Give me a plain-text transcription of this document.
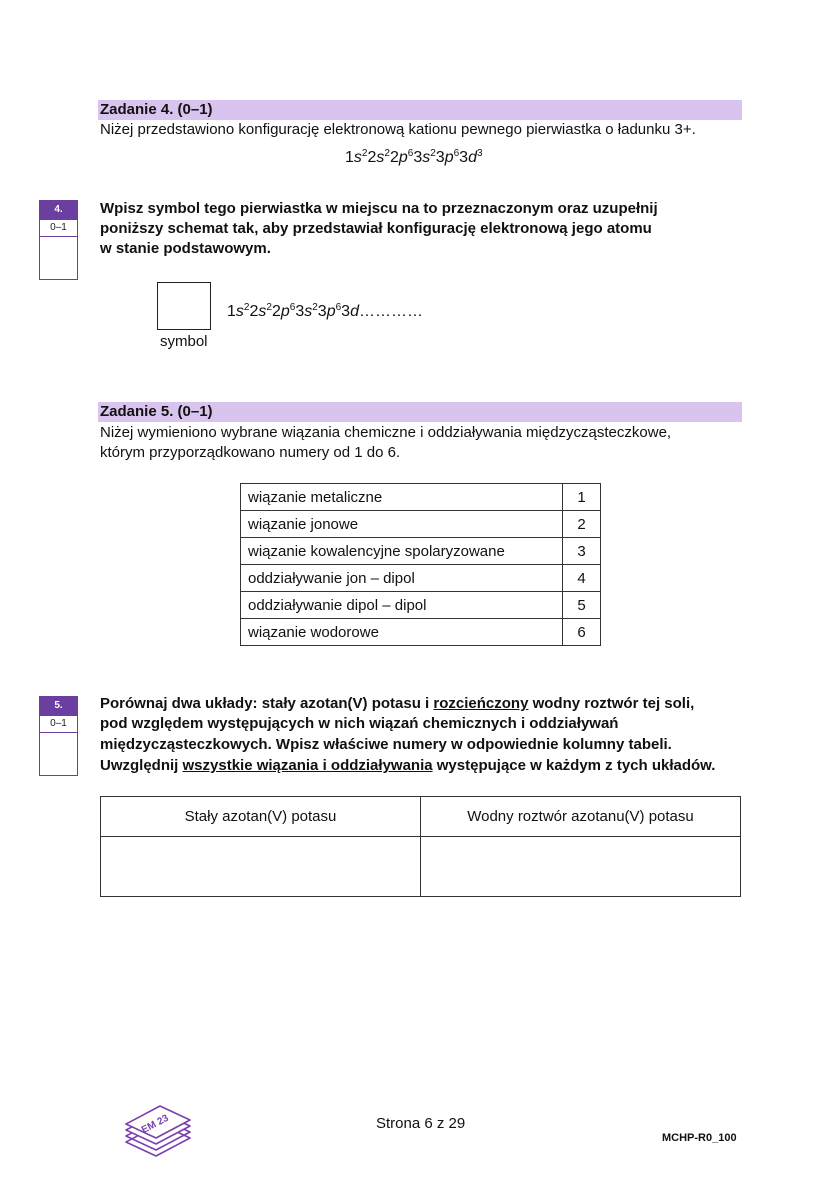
Zadanie 4. (0–1)
Niżej przedstawiono konfigurację elektronową kationu pewnego pierwiastka o ładunku 3+.
$1s^22s^22p^63s^23p^63d^3$
4.
0–1
Wpisz symbol tego pierwiastka w miejscu na to przeznaczonym oraz uzupełnij
poniższy schemat tak, aby przedstawiał konfigurację elektronową jego atomu
w stanie podstawowym.
symbol
$1s^22s^22p^63s^23p^63d\dots\dots\dots\dots$
Zadanie 5. (0–1)
Niżej wymieniono wybrane wiązania chemiczne i oddziaływania międzycząsteczkowe,
którym przyporządkowano numery od 1 do 6.
wiązanie metaliczne	1
wiązanie jonowe	2
wiązanie kowalencyjne spolaryzowane	3
oddziaływanie jon – dipol	4
oddziaływanie dipol – dipol	5
wiązanie wodorowe	6
5.
0–1
Porównaj dwa układy: stały azotan(V) potasu i rozcieńczony wodny roztwór tej soli,
pod względem występujących w nich wiązań chemicznych i oddziaływań
międzycząsteczkowych. Wpisz właściwe numery w odpowiednie kolumny tabeli.
Uwzględnij wszystkie wiązania i oddziaływania występujące w każdym z tych układów.
Stały azotan(V) potasu	Wodny roztwór azotanu(V) potasu

EM 23	Strona 6 z 29
MCHP-R0_100
